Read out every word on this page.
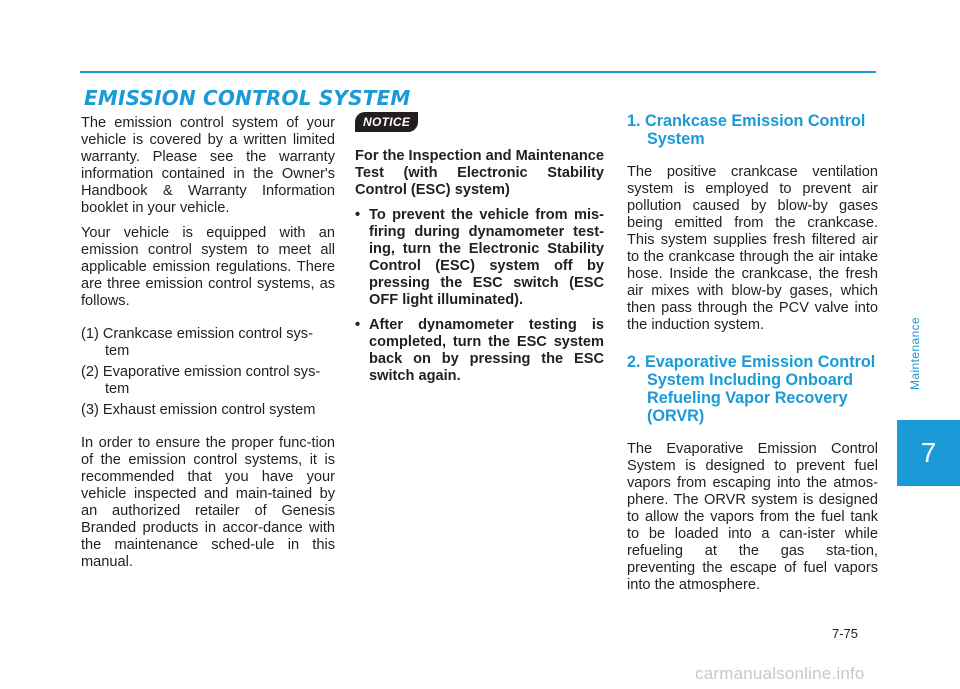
EMISSION CONTROL SYSTEM

The emission control system of your vehicle is covered by a written limited warranty. Please see the warranty information contained in the Owner's Handbook & Warranty Information booklet in your vehicle.

Your vehicle is equipped with an emission control system to meet all applicable emission regulations. There are three emission control systems, as follows.

(1) Crankcase emission control sys-tem
(2) Evaporative emission control sys-tem
(3) Exhaust emission control system

In order to ensure the proper func-tion of the emission control systems, it is recommended that you have your vehicle inspected and main-tained by an authorized retailer of Genesis Branded products in accor-dance with the maintenance sched-ule in this manual.

NOTICE

For the Inspection and Maintenance Test (with Electronic Stability Control (ESC) system)

• To prevent the vehicle from mis-firing during dynamometer test-ing, turn the Electronic Stability Control (ESC) system off by pressing the ESC switch (ESC OFF light illuminated).
• After dynamometer testing is completed, turn the ESC system back on by pressing the ESC switch again.
1. Crankcase Emission Control System

The positive crankcase ventilation system is employed to prevent air pollution caused by blow-by gases being emitted from the crankcase. This system supplies fresh filtered air to the crankcase through the air intake hose. Inside the crankcase, the fresh air mixes with blow-by gases, which then pass through the PCV valve into the induction system.

2. Evaporative Emission Control System Including Onboard Refueling Vapor Recovery (ORVR)

The Evaporative Emission Control System is designed to prevent fuel vapors from escaping into the atmos-phere. The ORVR system is designed to allow the vapors from the fuel tank to be loaded into a can-ister while refueling at the gas sta-tion, preventing the escape of fuel vapors into the atmosphere.

Maintenance
7
7-75
carmanualsonline.info
